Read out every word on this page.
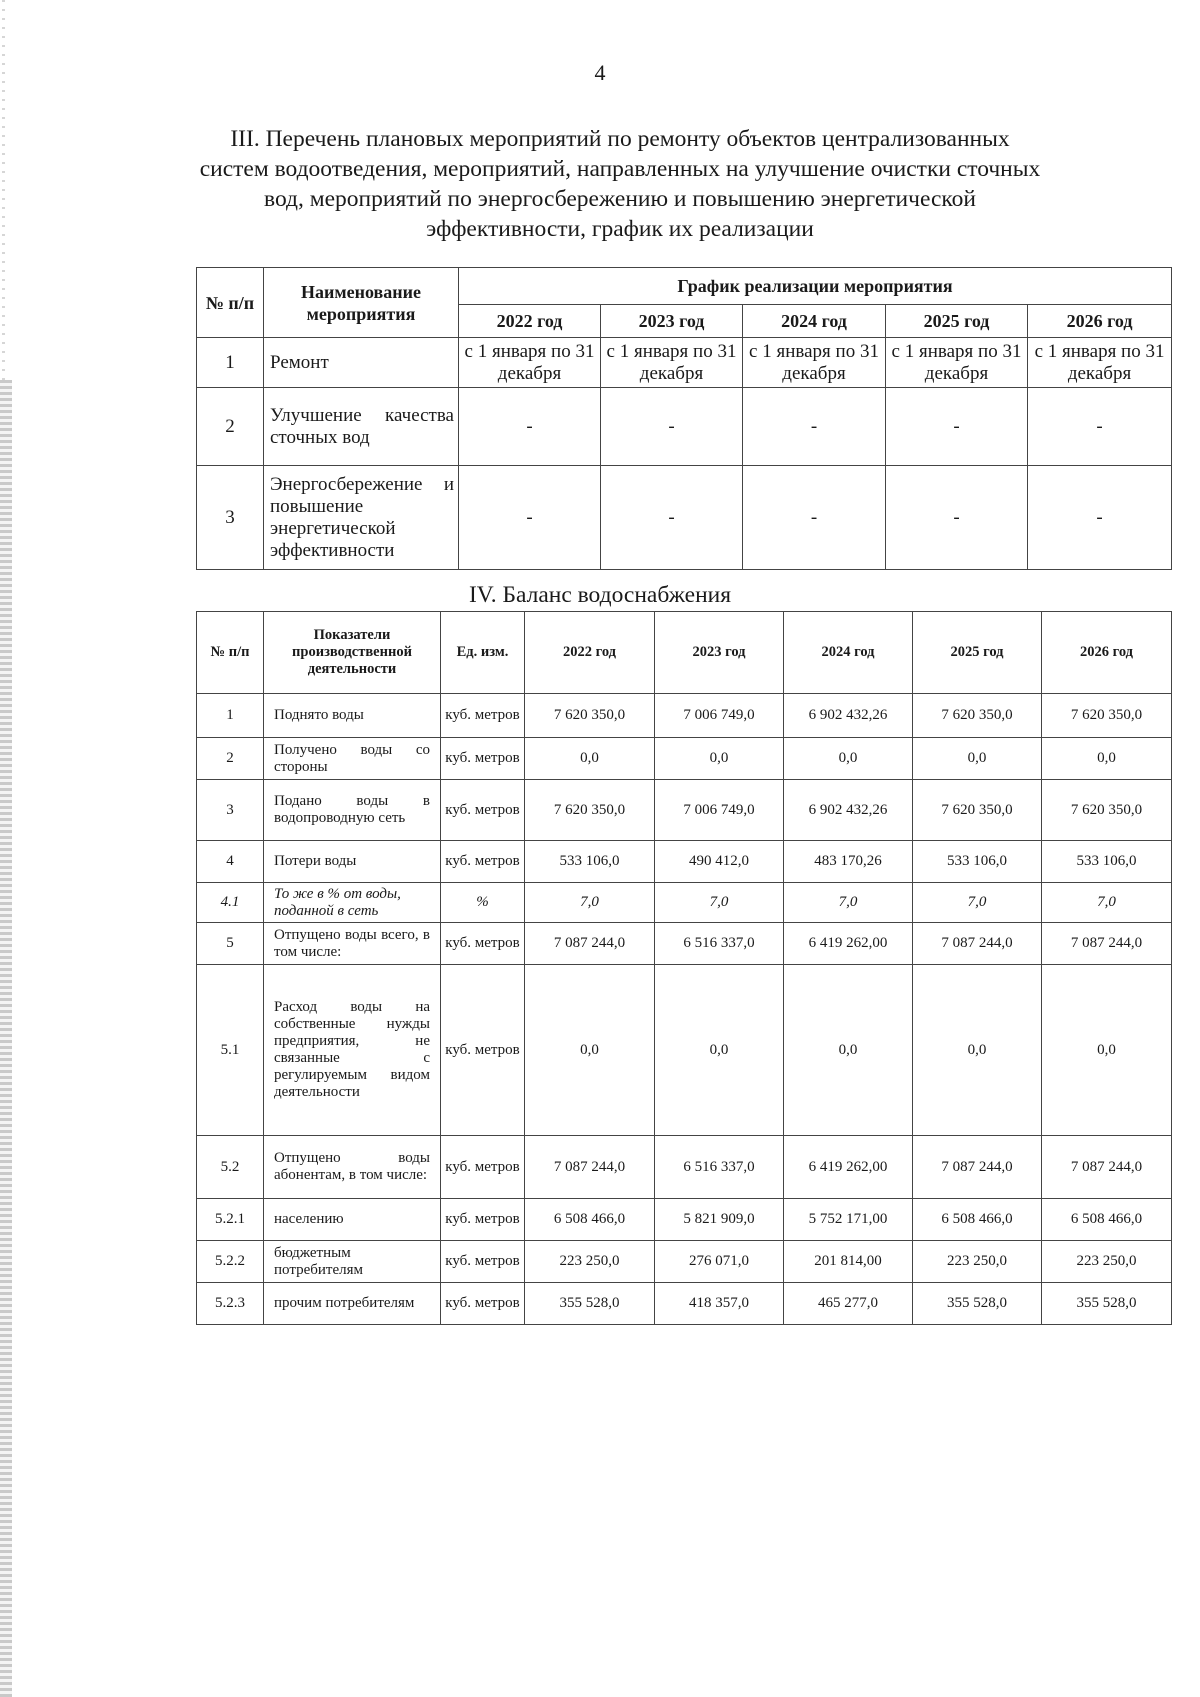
4
III. Перечень плановых мероприятий по ремонту объектов централизованных
систем водоотведения, мероприятий, направленных на улучшение очистки сточных
вод, мероприятий по энергосбережению и повышению энергетической
эффективности, график их реализации
№ п/п	Наименование мероприятия	График реализации мероприятия				
		2022 год	2023 год	2024 год	2025 год	2026 год
1	Ремонт	с 1 января по 31 декабря	с 1 января по 31 декабря	с 1 января по 31 декабря	с 1 января по 31 декабря	с 1 января по 31 декабря
2	Улучшение качества сточных вод	-	-	-	-	-
3	Энергосбережение и повышение энергетической эффективности	-	-	-	-	-
IV. Баланс водоснабжения
№ п/п	Показатели производственной деятельности	Ед. изм.	2022 год	2023 год	2024 год	2025 год	2026 год
1	Поднято воды	куб. метров	7 620 350,0	7 006 749,0	6 902 432,26	7 620 350,0	7 620 350,0
2	Получено воды со стороны	куб. метров	0,0	0,0	0,0	0,0	0,0
3	Подано воды в водопроводную сеть	куб. метров	7 620 350,0	7 006 749,0	6 902 432,26	7 620 350,0	7 620 350,0
4	Потери воды	куб. метров	533 106,0	490 412,0	483 170,26	533 106,0	533 106,0
4.1	То же в % от воды, поданной в сеть	%	7,0	7,0	7,0	7,0	7,0
5	Отпущено воды всего, в том числе:	куб. метров	7 087 244,0	6 516 337,0	6 419 262,00	7 087 244,0	7 087 244,0
5.1	Расход воды на собственные нужды предприятия, не связанные с регулируемым видом деятельности	куб. метров	0,0	0,0	0,0	0,0	0,0
5.2	Отпущено воды абонентам, в том числе:	куб. метров	7 087 244,0	6 516 337,0	6 419 262,00	7 087 244,0	7 087 244,0
5.2.1	населению	куб. метров	6 508 466,0	5 821 909,0	5 752 171,00	6 508 466,0	6 508 466,0
5.2.2	бюджетным потребителям	куб. метров	223 250,0	276 071,0	201 814,00	223 250,0	223 250,0
5.2.3	прочим потребителям	куб. метров	355 528,0	418 357,0	465 277,0	355 528,0	355 528,0
